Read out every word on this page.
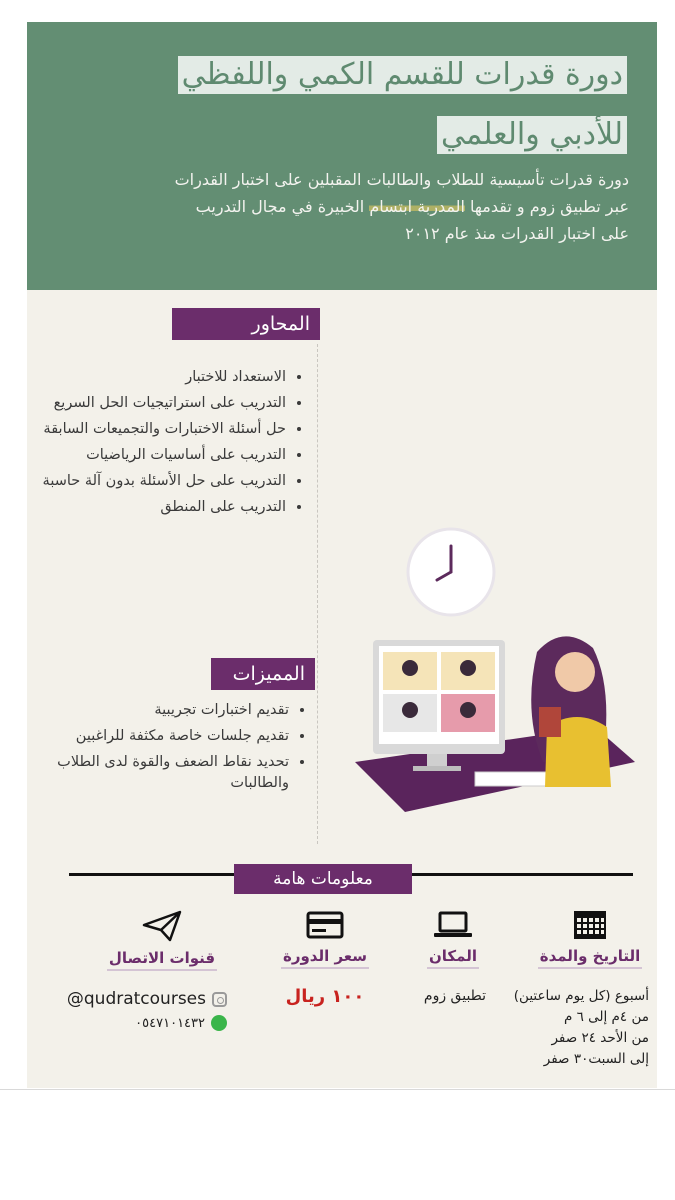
دورة قدرات للقسم الكمي واللفظي
للأدبي والعلمي

دورة قدرات تأسيسية للطلاب والطالبات المقبلين على اختبار القدرات

عبر تطبيق زوم و تقدمها المدربة ابتسام الخبيرة في مجال التدريب

على اختبار القدرات منذ عام ٢٠١٢

المحاور
• الاستعداد للاختبار
• التدريب على استراتيجيات الحل السريع
• حل أسئلة الاختبارات والتجميعات السابقة
• التدريب على أساسيات الرياضيات
• التدريب على حل الأسئلة بدون آلة حاسبة
• التدريب على المنطق
المميزات
• تقديم اختبارات تجريبية
• تقديم جلسات خاصة مكثفة للراغبين
• تحديد نقاط الضعف والقوة لدى الطلاب والطالبات
معلومات هامة
التاريخ والمدة
المكان
سعر الدورة
قنوات الاتصال

أسبوع (كل يوم ساعتين)

من ٤م إلى ٦ م

من الأحد ٢٤ صفر

إلى السبت٣٠ صفر

تطبيق زوم
١٠٠ ريال
@qudratcourses
٠٥٤٧١٠١٤٣٢
